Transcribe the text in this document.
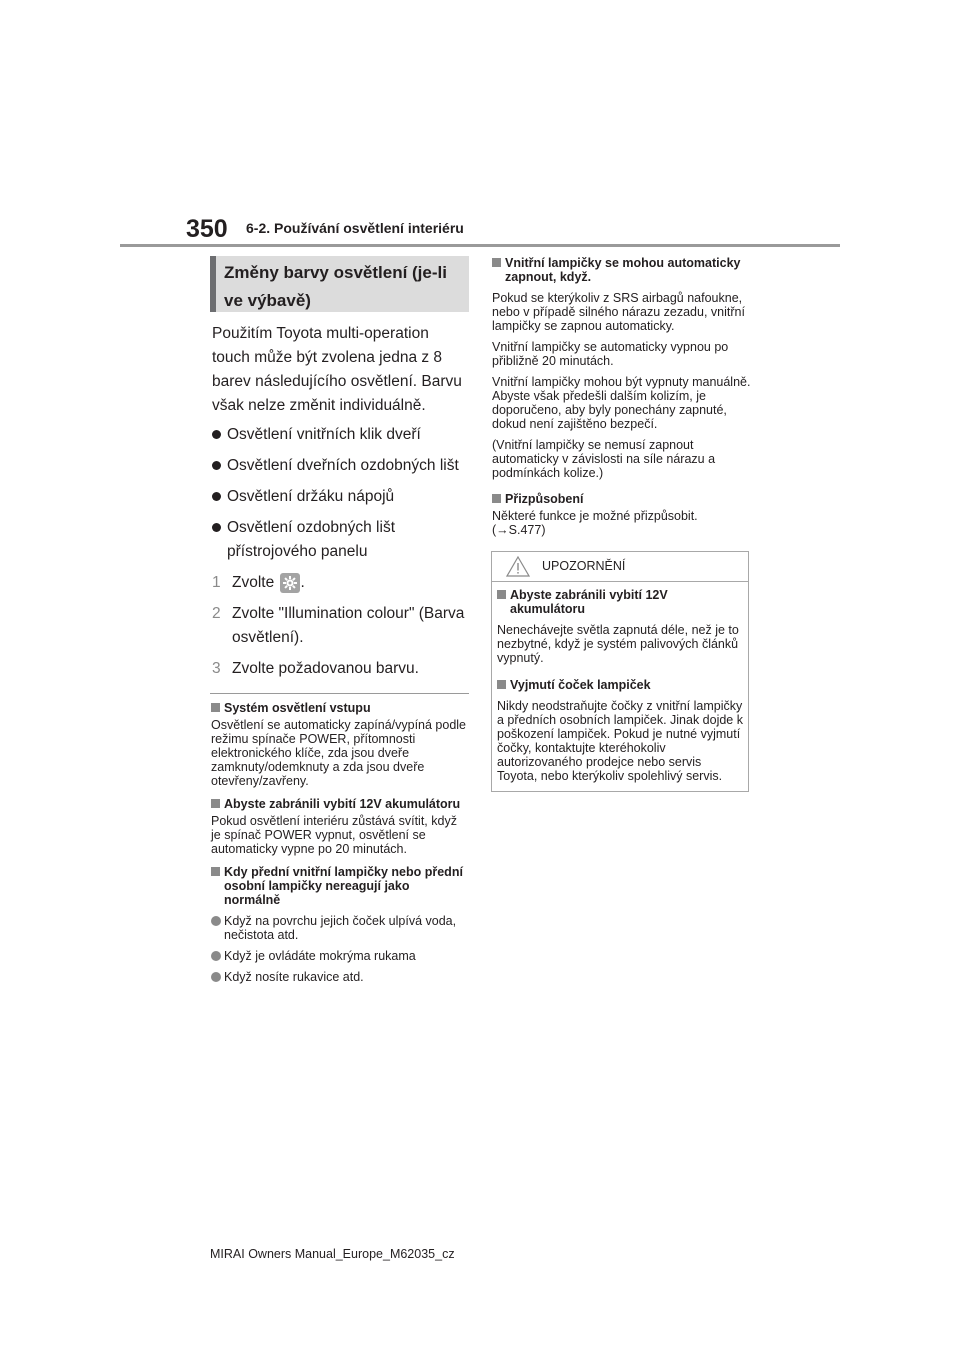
350 6-2. Používání osvětlení interiéru
Změny barvy osvětlení (je-li ve výbavě)
Použitím Toyota multi-operation touch může být zvolena jedna z 8 barev následujícího osvětlení. Barvu však nelze změnit individuálně.
Osvětlení vnitřních klik dveří
Osvětlení dveřních ozdobných lišt
Osvětlení držáku nápojů
Osvětlení ozdobných lišt přístrojového panelu
1 Zvolte .
2 Zvolte "Illumination colour" (Barva osvětlení).
3 Zvolte požadovanou barvu.
Systém osvětlení vstupu
Osvětlení se automaticky zapíná/vypíná podle režimu spínače POWER, přítomnosti elektronického klíče, zda jsou dveře zamknuty/odemknuty a zda jsou dveře otevřeny/zavřeny.
Abyste zabránili vybití 12V akumulátoru
Pokud osvětlení interiéru zůstává svítit, když je spínač POWER vypnut, osvětlení se automaticky vypne po 20 minutách.
Kdy přední vnitřní lampičky nebo přední osobní lampičky nereagují jako normálně
Když na povrchu jejich čoček ulpívá voda, nečistota atd.
Když je ovládáte mokrýma rukama
Když nosíte rukavice atd.
Vnitřní lampičky se mohou automaticky zapnout, když.
Pokud se kterýkoliv z SRS airbagů nafoukne, nebo v případě silného nárazu zezadu, vnitřní lampičky se zapnou automaticky.
Vnitřní lampičky se automaticky vypnou po přibližně 20 minutách.
Vnitřní lampičky mohou být vypnuty manuálně. Abyste však předešli dalším kolizím, je doporučeno, aby byly ponechány zapnuté, dokud není zajištěno bezpečí.
(Vnitřní lampičky se nemusí zapnout automaticky v závislosti na síle nárazu a podmínkách kolize.)
Přizpůsobení
Některé funkce je možné přizpůsobit. (→S.477)
UPOZORNĚNÍ
Abyste zabránili vybití 12V akumulátoru
Nenechávejte světla zapnutá déle, než je to nezbytné, když je systém palivových článků vypnutý.
Vyjmutí čoček lampiček
Nikdy neodstraňujte čočky z vnitřní lampičky a předních osobních lampiček. Jinak dojde k poškození lampiček. Pokud je nutné vyjmutí čočky, kontaktujte kteréhokoliv autorizovaného prodejce nebo servis Toyota, nebo kterýkoliv spolehlivý servis.
MIRAI Owners Manual_Europe_M62035_cz
